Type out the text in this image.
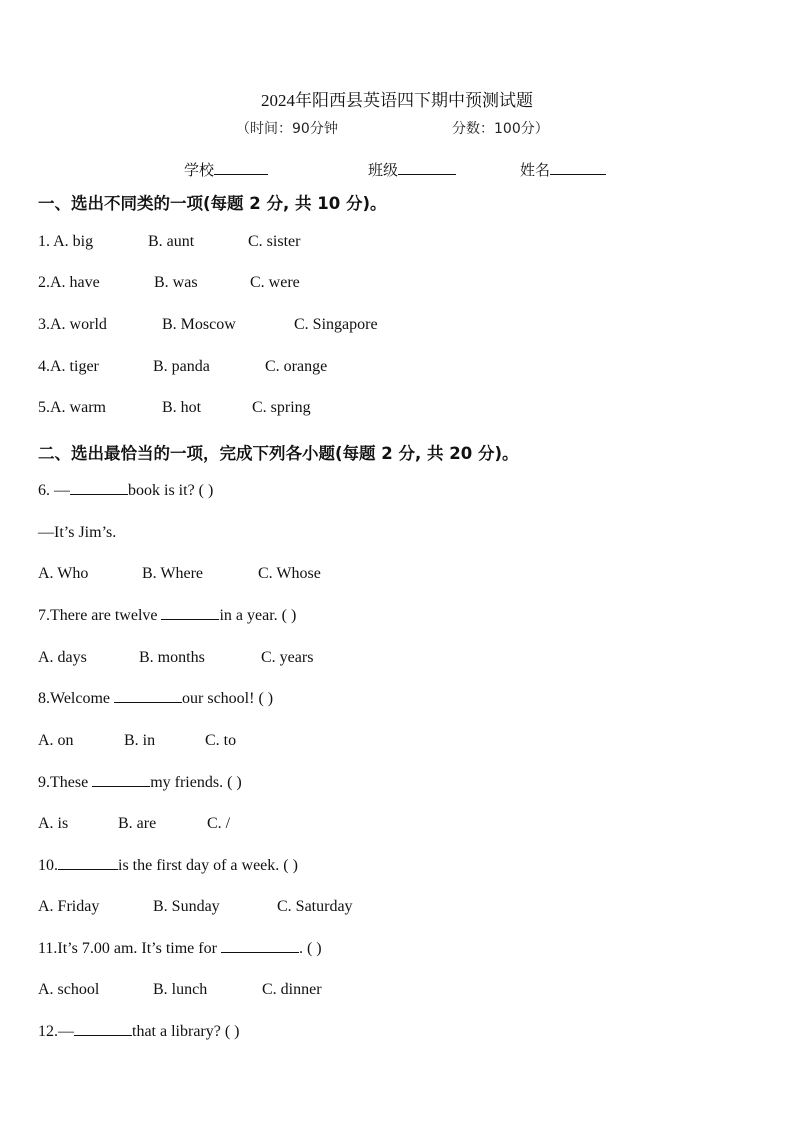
2024年阳西县英语四下期中预测试题
（时间：90分钟	分数：100分）
学校	班级	姓名
一、选出不同类的一项(每题 2 分, 共 10 分)。
1. A. big	B. aunt	C. sister
2.A. have	B. was	C. were
3.A. world	B. Moscow	C. Singapore
4.A. tiger	B. panda	C. orange
5.A. warm	B. hot	C. spring
二、选出最恰当的一项，完成下列各小题(每题 2 分, 共 20 分)。
6. —	book is it? ( )
—It’s Jim’s.
A. Who	B. Where	C. Whose
7.There are twelve	in a year. ( )
A. days	B. months	C. years
8.Welcome	our school! ( )
A. on	B. in	C. to
9.These	my friends. ( )
A. is	B. are	C. /
10.	is the first day of a week. ( )
A. Friday	B. Sunday	C. Saturday
11.It’s 7.00 am. It’s time for	. ( )
A. school	B. lunch	C. dinner
12.—	that a library? ( )
